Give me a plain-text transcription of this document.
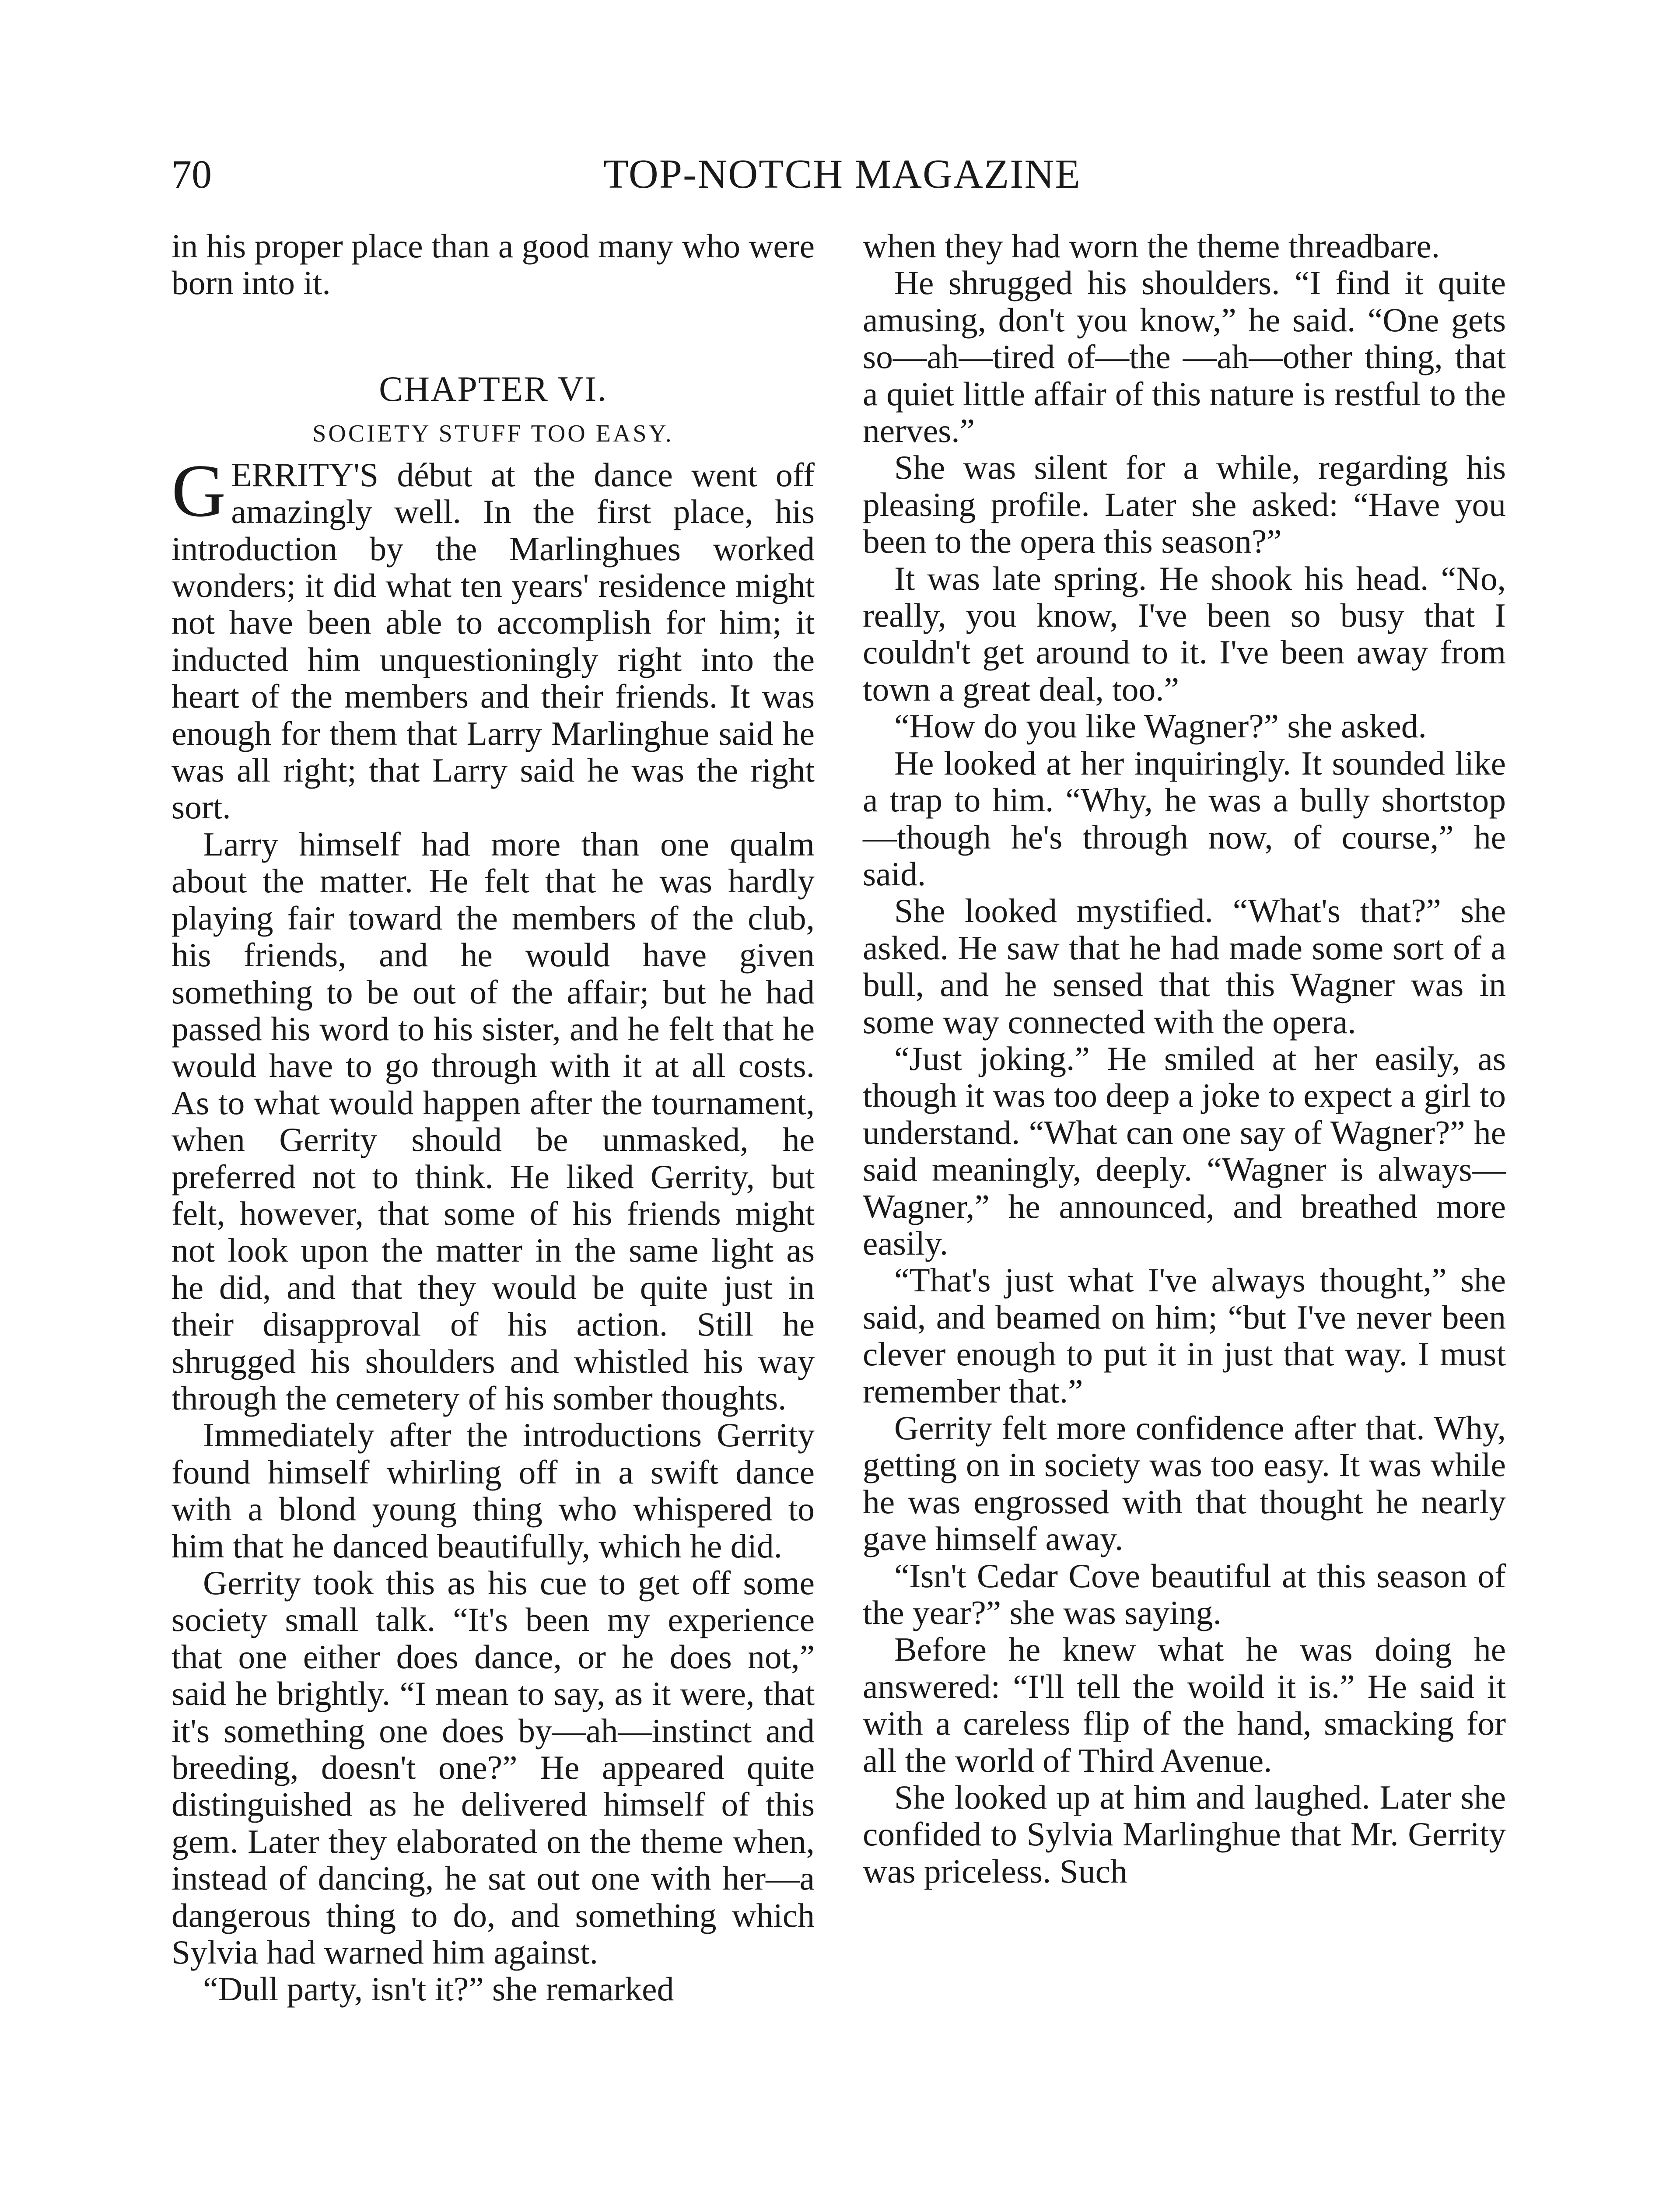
70	TOP-NOTCH MAGAZINE

in his proper place than a good many who were born into it.

CHAPTER VI.
SOCIETY STUFF TOO EASY.

GERRITY'S début at the dance went off amazingly well. In the first place, his introduction by the Marlinghues worked wonders; it did what ten years' residence might not have been able to accomplish for him; it inducted him unquestioningly right into the heart of the members and their friends. It was enough for them that Larry Marlinghue said he was all right; that Larry said he was the right sort.

Larry himself had more than one qualm about the matter. He felt that he was hardly playing fair toward the members of the club, his friends, and he would have given something to be out of the affair; but he had passed his word to his sister, and he felt that he would have to go through with it at all costs. As to what would happen after the tournament, when Gerrity should be unmasked, he preferred not to think. He liked Gerrity, but felt, however, that some of his friends might not look upon the matter in the same light as he did, and that they would be quite just in their disapproval of his action. Still he shrugged his shoulders and whistled his way through the cemetery of his somber thoughts.

Immediately after the introductions Gerrity found himself whirling off in a swift dance with a blond young thing who whispered to him that he danced beautifully, which he did.

Gerrity took this as his cue to get off some society small talk. “It's been my experience that one either does dance, or he does not,” said he brightly. “I mean to say, as it were, that it's something one does by—ah—instinct and breeding, doesn't one?” He appeared quite distinguished as he delivered himself of this gem. Later they elaborated on the theme when, instead of dancing, he sat out one with her—a dangerous thing to do, and something which Sylvia had warned him against.

“Dull party, isn't it?” she remarked

when they had worn the theme threadbare.

He shrugged his shoulders. “I find it quite amusing, don't you know,” he said. “One gets so—ah—tired of—the —ah—other thing, that a quiet little affair of this nature is restful to the nerves.”

She was silent for a while, regarding his pleasing profile. Later she asked: “Have you been to the opera this season?”

It was late spring. He shook his head. “No, really, you know, I've been so busy that I couldn't get around to it. I've been away from town a great deal, too.”

“How do you like Wagner?” she asked.

He looked at her inquiringly. It sounded like a trap to him. “Why, he was a bully shortstop—though he's through now, of course,” he said.

She looked mystified. “What's that?” she asked. He saw that he had made some sort of a bull, and he sensed that this Wagner was in some way connected with the opera.

“Just joking.” He smiled at her easily, as though it was too deep a joke to expect a girl to understand. “What can one say of Wagner?” he said meaningly, deeply. “Wagner is always—Wagner,” he announced, and breathed more easily.

“That's just what I've always thought,” she said, and beamed on him; “but I've never been clever enough to put it in just that way. I must remember that.”

Gerrity felt more confidence after that. Why, getting on in society was too easy. It was while he was engrossed with that thought he nearly gave himself away.

“Isn't Cedar Cove beautiful at this season of the year?” she was saying.

Before he knew what he was doing he answered: “I'll tell the woild it is.” He said it with a careless flip of the hand, smacking for all the world of Third Avenue.

She looked up at him and laughed. Later she confided to Sylvia Marlinghue that Mr. Gerrity was priceless. Such
